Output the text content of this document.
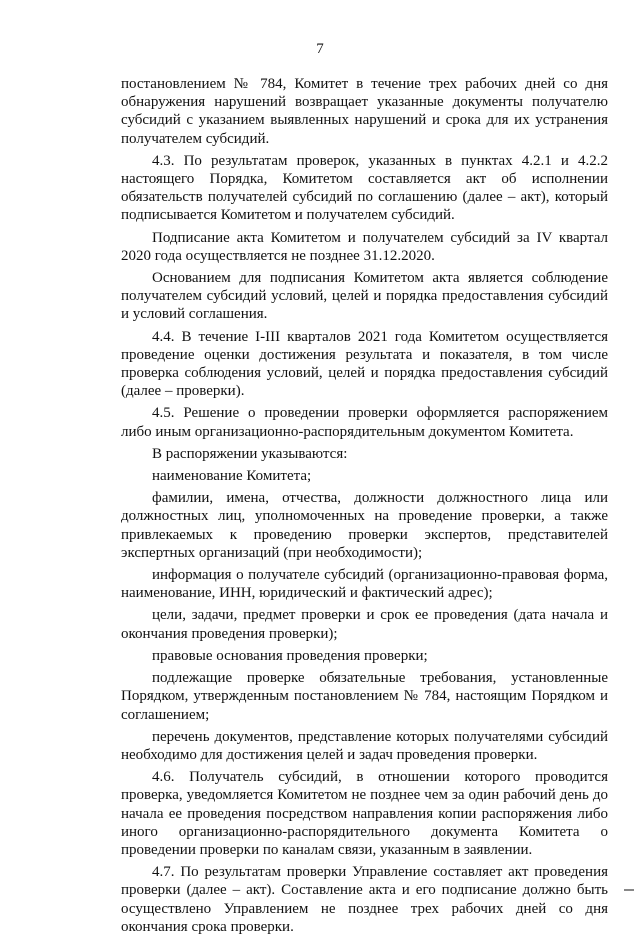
7

постановлением № 784, Комитет в течение трех рабочих дней со дня обнаружения нарушений возвращает указанные документы получателю субсидий с указанием выявленных нарушений и срока для их устранения получателем субсидий.

4.3. По результатам проверок, указанных в пунктах 4.2.1 и 4.2.2 настоящего Порядка, Комитетом составляется акт об исполнении обязательств получателей субсидий по соглашению (далее – акт), который подписывается Комитетом и получателем субсидий.

Подписание акта Комитетом и получателем субсидий за IV квартал 2020 года осуществляется не позднее 31.12.2020.

Основанием для подписания Комитетом акта является соблюдение получателем субсидий условий, целей и порядка предоставления субсидий и условий соглашения.

4.4. В течение I-III кварталов 2021 года Комитетом осуществляется проведение оценки достижения результата и показателя, в том числе проверка соблюдения условий, целей и порядка предоставления субсидий (далее – проверки).

4.5. Решение о проведении проверки оформляется распоряжением либо иным организационно-распорядительным документом Комитета.

В распоряжении указываются:

наименование Комитета;

фамилии, имена, отчества, должности должностного лица или должностных лиц, уполномоченных на проведение проверки, а также привлекаемых к проведению проверки экспертов, представителей экспертных организаций (при необходимости);

информация о получателе субсидий (организационно-правовая форма, наименование, ИНН, юридический и фактический адрес);

цели, задачи, предмет проверки и срок ее проведения (дата начала и окончания проведения проверки);

правовые основания проведения проверки;

подлежащие проверке обязательные требования, установленные Порядком, утвержденным постановлением № 784, настоящим Порядком и соглашением;

перечень документов, представление которых получателями субсидий необходимо для достижения целей и задач проведения проверки.

4.6. Получатель субсидий, в отношении которого проводится проверка, уведомляется Комитетом не позднее чем за один рабочий день до начала ее проведения посредством направления копии распоряжения либо иного организационно-распорядительного документа Комитета о проведении проверки по каналам связи, указанным в заявлении.

4.7. По результатам проверки Управление составляет акт проведения проверки (далее – акт). Составление акта и его подписание должно быть осуществлено Управлением не позднее трех рабочих дней со дня окончания срока проверки.
